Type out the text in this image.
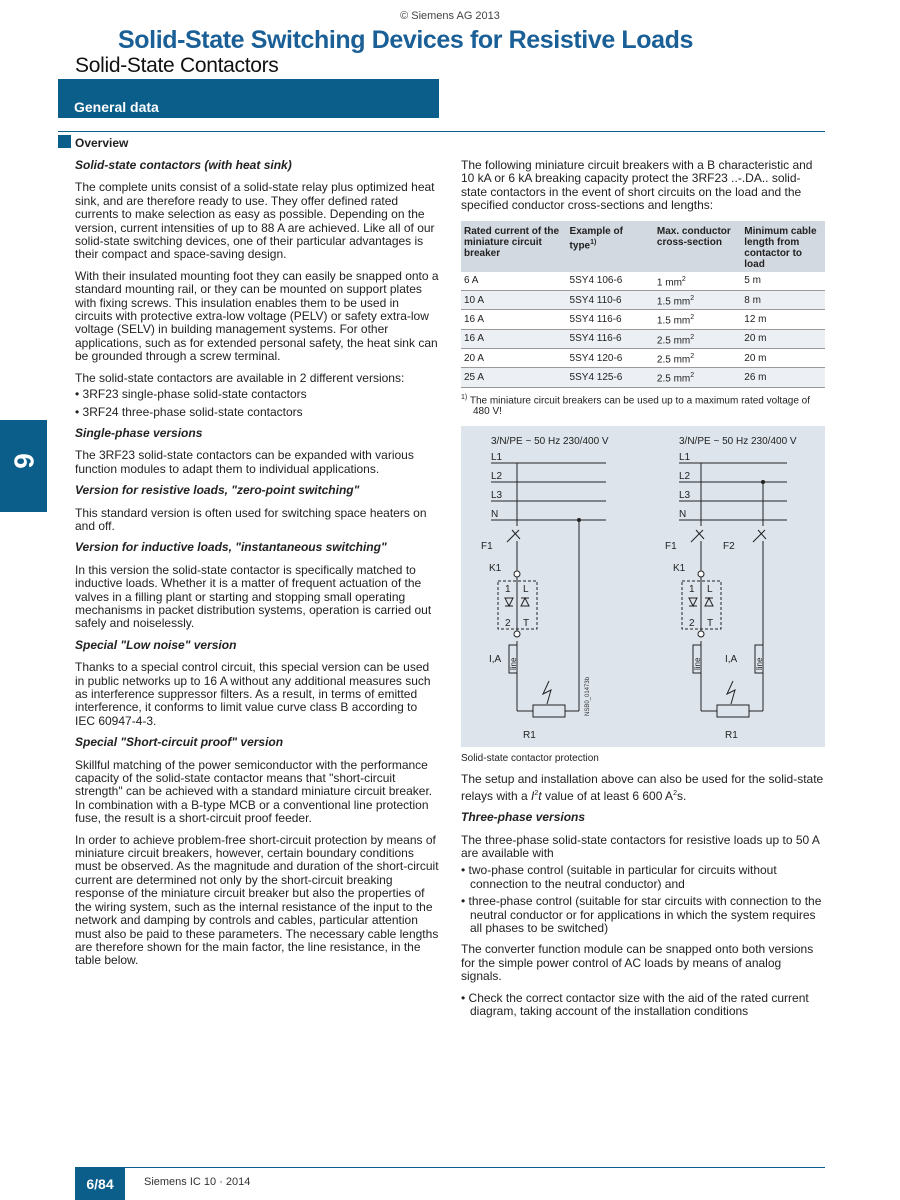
© Siemens AG 2013
Solid-State Switching Devices for Resistive Loads
Solid-State Contactors
General data
Overview
6
Solid-state contactors (with heat sink)
The complete units consist of a solid-state relay plus optimized heat sink, and are therefore ready to use. They offer defined rated currents to make selection as easy as possible. Depending on the version, current intensities of up to 88 A are achieved. Like all of our solid-state switching devices, one of their particular advantages is their compact and space-saving design.
With their insulated mounting foot they can easily be snapped onto a standard mounting rail, or they can be mounted on support plates with fixing screws. This insulation enables them to be used in circuits with protective extra-low voltage (PELV) or safety extra-low voltage (SELV) in building management systems. For other applications, such as for extended personal safety, the heat sink can be grounded through a screw terminal.
The solid-state contactors are available in 2 different versions:
• 3RF23 single-phase solid-state contactors
• 3RF24 three-phase solid-state contactors
Single-phase versions
The 3RF23 solid-state contactors can be expanded with various function modules to adapt them to individual applications.
Version for resistive loads, "zero-point switching"
This standard version is often used for switching space heaters on and off.
Version for inductive loads, "instantaneous switching"
In this version the solid-state contactor is specifically matched to inductive loads. Whether it is a matter of frequent actuation of the valves in a filling plant or starting and stopping small operating mechanisms in packet distribution systems, operation is carried out safely and noiselessly.
Special "Low noise" version
Thanks to a special control circuit, this special version can be used in public networks up to 16 A without any additional measures such as interference suppressor filters. As a result, in terms of emitted interference, it conforms to limit value curve class B according to IEC 60947-4-3.
Special "Short-circuit proof" version
Skillful matching of the power semiconductor with the performance capacity of the solid-state contactor means that "short-circuit strength" can be achieved with a standard miniature circuit breaker. In combination with a B-type MCB or a conventional line protection fuse, the result is a short-circuit proof feeder.
In order to achieve problem-free short-circuit protection by means of miniature circuit breakers, however, certain boundary conditions must be observed. As the magnitude and duration of the short-circuit current are determined not only by the short-circuit breaking response of the miniature circuit breaker but also the properties of the wiring system, such as the internal resistance of the input to the network and damping by controls and cables, particular attention must also be paid to these parameters. The necessary cable lengths are therefore shown for the main factor, the line resistance, in the table below.
The following miniature circuit breakers with a B characteristic and 10 kA or 6 kA breaking capacity protect the 3RF23 ..-.DA.. solid-state contactors in the event of short circuits on the load and the specified conductor cross-sections and lengths:
Rated current of the miniature circuit breaker	Example of type$^{1)}$	Max. conductor cross-section	Minimum cable length from contactor to load
6 A	5SY4 106-6	1 $mm^2$	5 m
10 A	5SY4 110-6	1.5 $mm^2$	8 m
16 A	5SY4 116-6	1.5 $mm^2$	12 m
16 A	5SY4 116-6	2.5 $mm^2$	20 m
20 A	5SY4 120-6	2.5 $mm^2$	20 m
25 A	5SY4 125-6	2.5 $mm^2$	26 m
$^{1)}$ The miniature circuit breakers can be used up to a maximum rated voltage of 480 V!
3/N/PE ~ 50 Hz 230/400 V	3/N/PE ~ 50 Hz 230/400 V
L1
L2
L3
N
L1
L2
L3
N
F1	F1	F2
K1	K1
1 L
2 T
1 L
2 T
I,A	I,A
R1	R1
line	line	line
NSB0_01473b
Solid-state contactor protection
The setup and installation above can also be used for the solid-state relays with a $I^2t$ value of at least 6 600 $A^2s$.
Three-phase versions
The three-phase solid-state contactors for resistive loads up to 50 A are available with
• two-phase control (suitable in particular for circuits without connection to the neutral conductor) and
• three-phase control (suitable for star circuits with connection to the neutral conductor or for applications in which the system requires all phases to be switched)
The converter function module can be snapped onto both versions for the simple power control of AC loads by means of analog signals.
• Check the correct contactor size with the aid of the rated current diagram, taking account of the installation conditions
6/84	Siemens IC 10 · 2014
